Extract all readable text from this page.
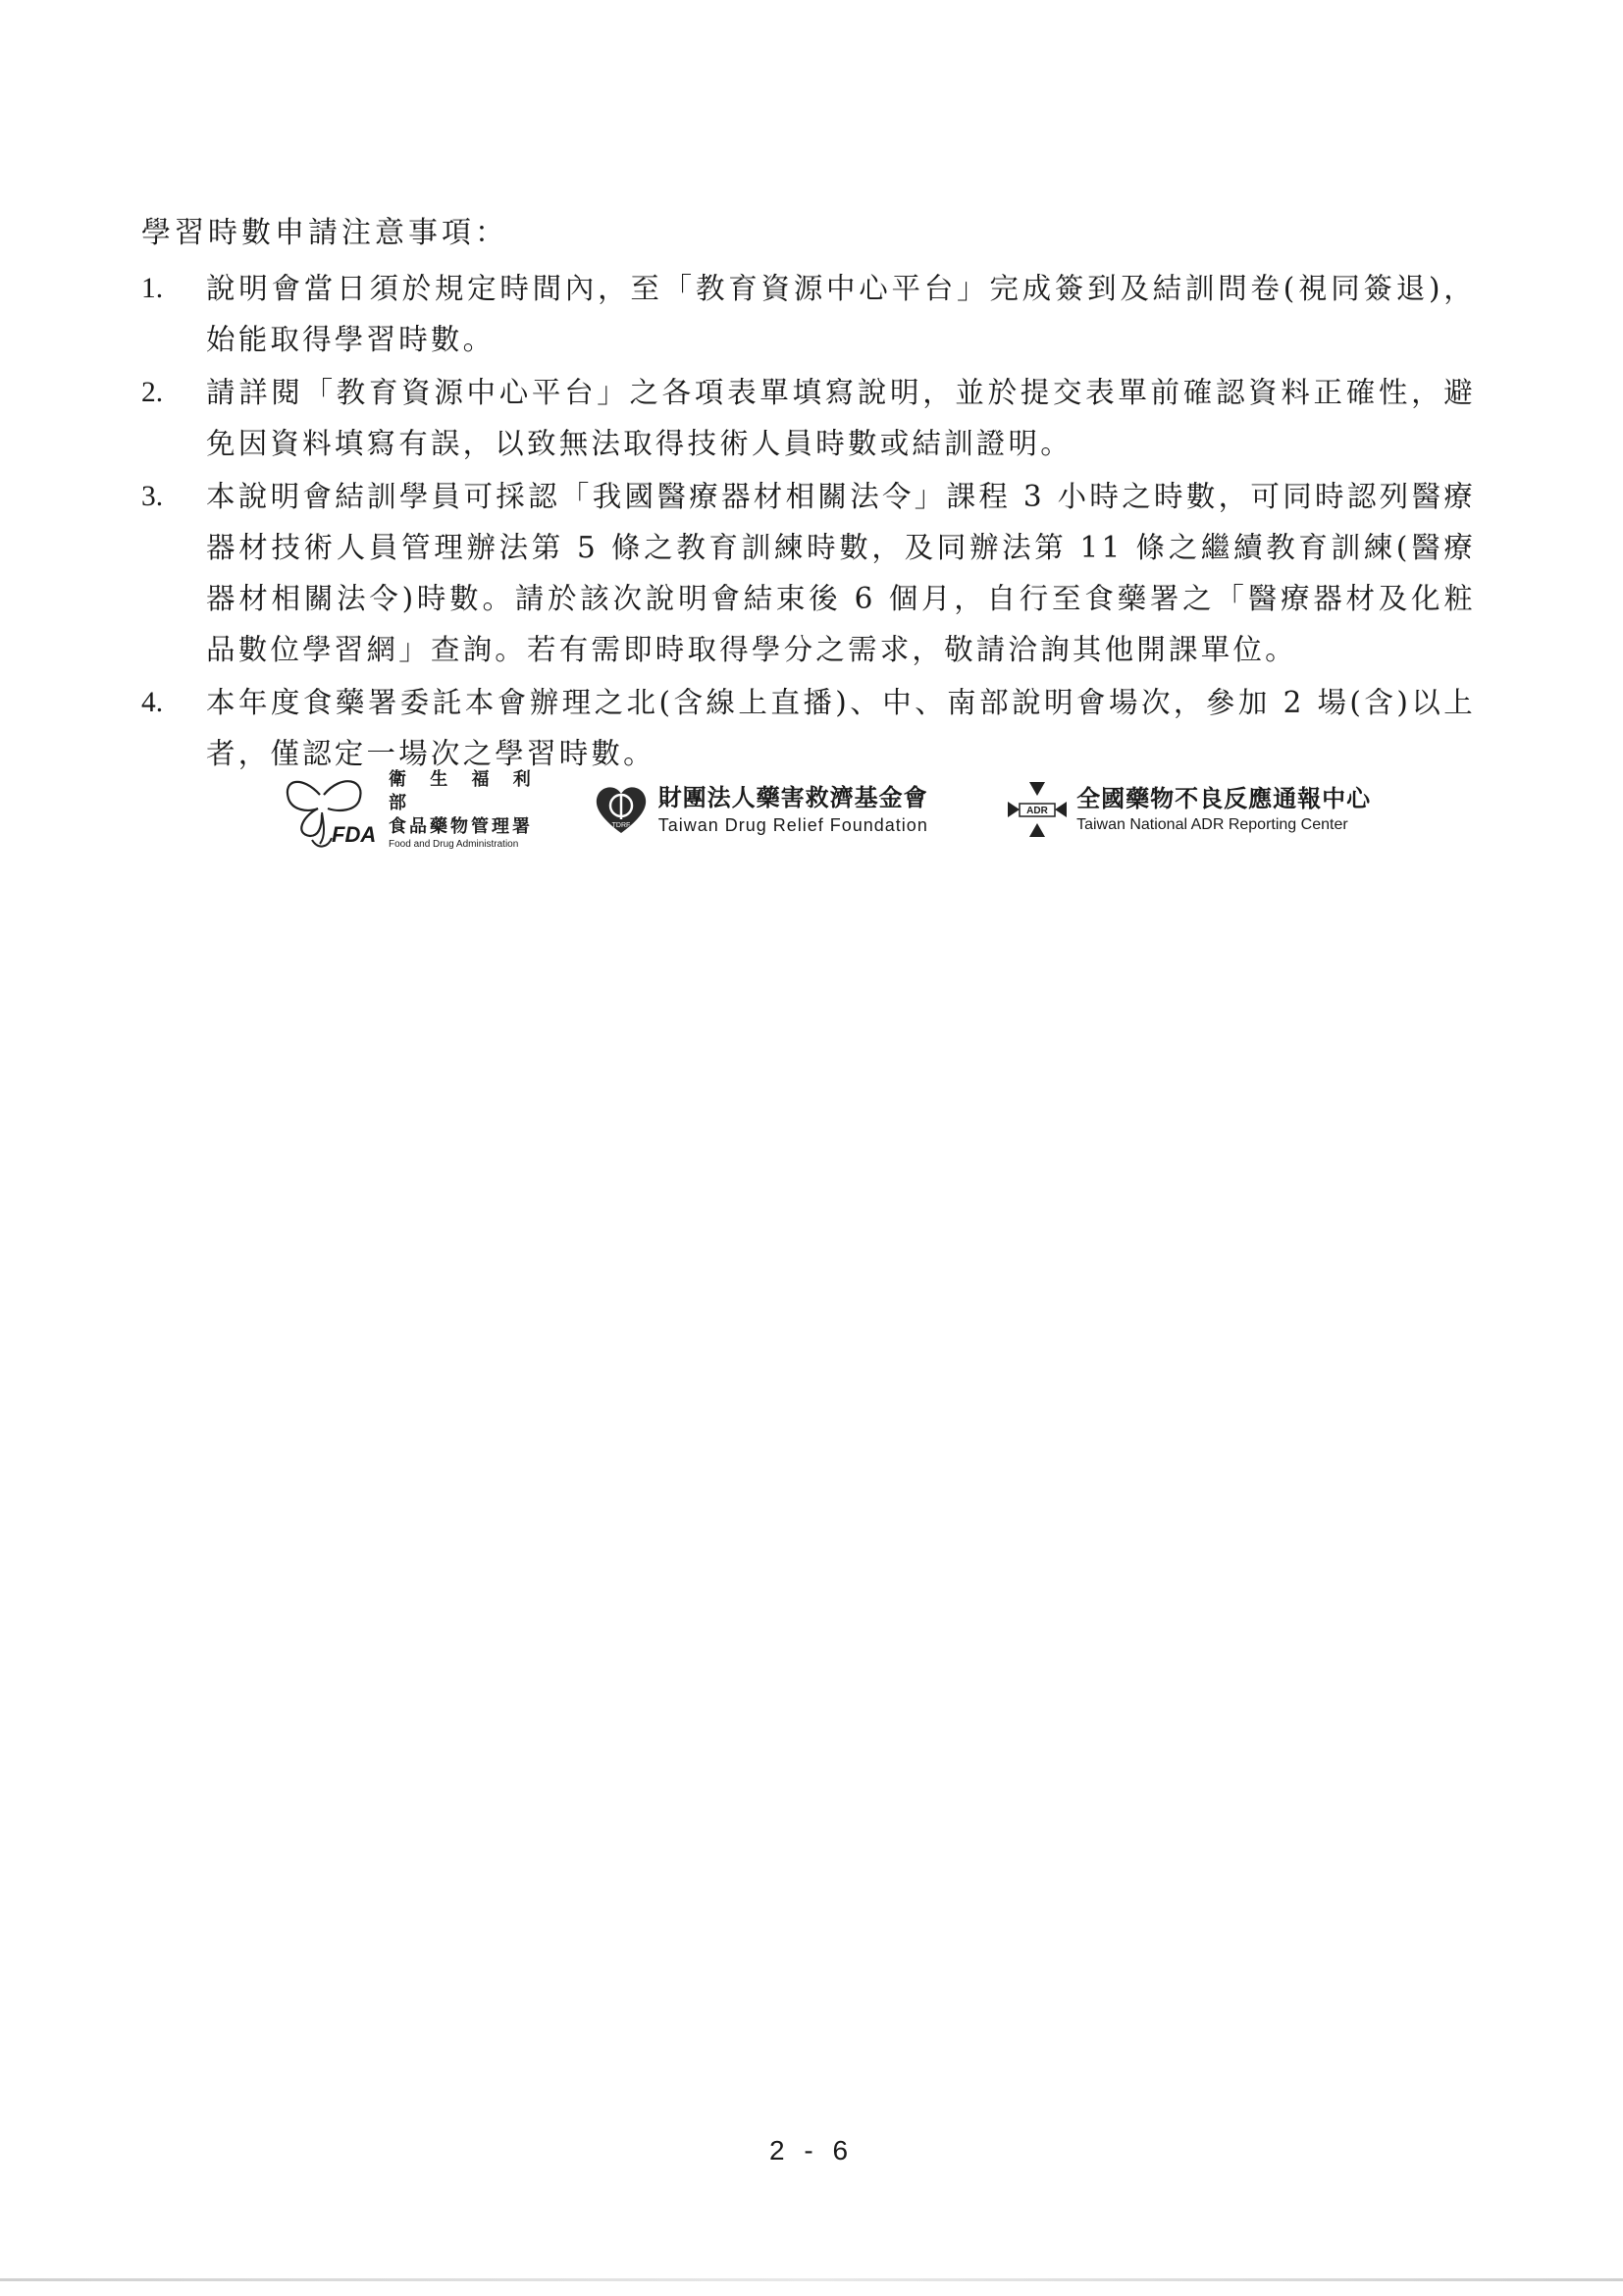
學習時數申請注意事項：
1.	說明會當日須於規定時間內，至「教育資源中心平台」完成簽到及結訓問卷(視同簽退)，始能取得學習時數。
2.	請詳閱「教育資源中心平台」之各項表單填寫說明，並於提交表單前確認資料正確性，避免因資料填寫有誤，以致無法取得技術人員時數或結訓證明。
3.	本說明會結訓學員可採認「我國醫療器材相關法令」課程 3 小時之時數，可同時認列醫療器材技術人員管理辦法第 5 條之教育訓練時數，及同辦法第 11 條之繼續教育訓練(醫療器材相關法令)時數。請於該次說明會結束後 6 個月，自行至食藥署之「醫療器材及化粧品數位學習網」查詢。若有需即時取得學分之需求，敬請洽詢其他開課單位。
4.	本年度食藥署委託本會辦理之北(含線上直播)、中、南部說明會場次，參加 2 場(含)以上者，僅認定一場次之學習時數。
FDA
衛 生 福 利 部
食品藥物管理署
Food and Drug Administration
TDRF
財團法人藥害救濟基金會
Taiwan Drug Relief Foundation
ADR 全國藥物不良反應通報中心
Taiwan National ADR Reporting Center
2 - 6
